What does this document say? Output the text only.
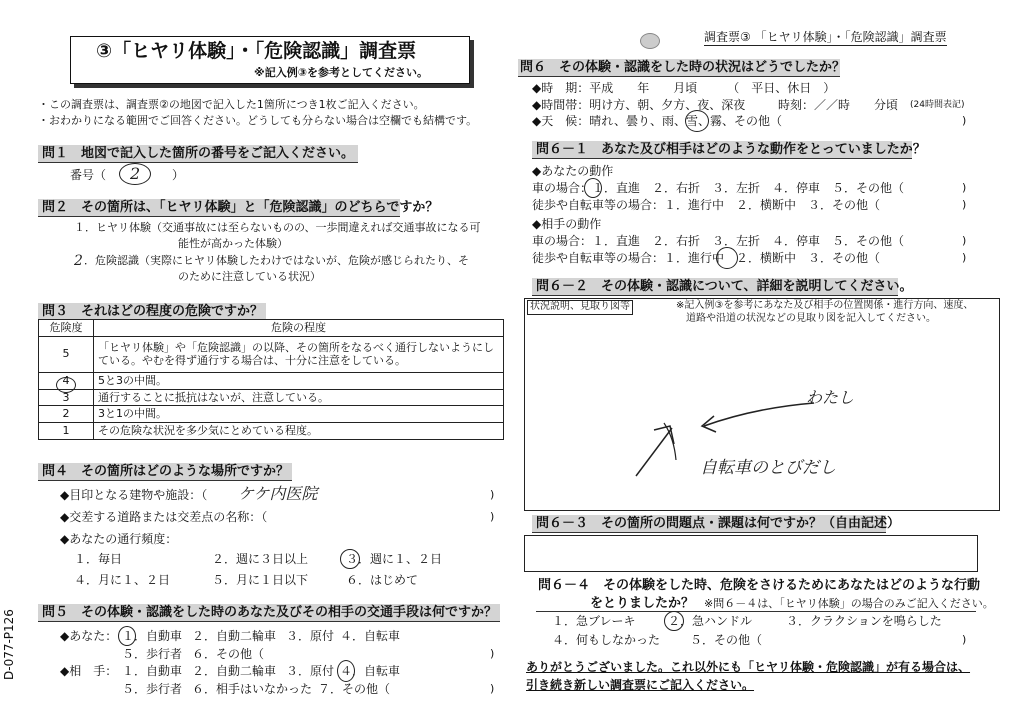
③「ヒヤリ体験」・「危険認識」調査票
※記入例③を参考としてください。
調査票③ 「ヒヤリ体験」・「危険認識」調査票
D-077-P126
・この調査票は、調査票②の地図で記入した1箇所につき1枚ご記入ください。
・おわかりになる範囲でご回答ください。どうしても分らない場合は空欄でも結構です。
問１　地図で記入した箇所の番号をご記入ください。
番号（ 2	）
問２　その箇所は、「ヒヤリ体験」と「危険認識」のどちらですか？
１．ヒヤリ体験（交通事故には至らないものの、一歩間違えれば交通事故になる可
能性が高かった体験）
2 ．危険認識（実際にヒヤリ体験したわけではないが、危険が感じられたり、そ
のために注意している状況）
問３　それはどの程度の危険ですか？
危険度	危険の程度
5	「ヒヤリ体験」や「危険認識」の以降、その箇所をなるべく通行しないようにしている。やむを得ず通行する場合は、十分に注意をしている。
4	5と3の中間。
3	通行することに抵抗はないが、注意している。
2	3と1の中間。
1	その危険な状況を多少気にとめている程度。
問４　その箇所はどのような場所ですか？
◆目印となる建物や施設：（ ケケ内医院	)
◆交差する道路または交差点の名称：（	)
◆あなたの通行頻度：
１．毎日	２．週に３日以上	３．週に１、２日
４．月に１、２日	５．月に１日以下	６．はじめて
問５　その体験・認識をした時のあなた及びその相手の交通手段は何ですか？
◆あなた： １．自動車 ２．自動二輪車 ３．原付 ４．自転車
５．歩行者 ６．その他（	)
◆相　手： １．自動車 ２．自動二輪車 ３．原付 ４．自転車
５．歩行者 ６．相手はいなかった ７．その他（	)
問６　その体験・認識をした時の状況はどうでしたか？
◆時　期：平成　　年　　月頃　　　（　平日、休日　）
◆時間帯：明け方、朝、夕方、夜、深夜	時刻：／／時　　分頃 (24時間表記)
◆天　候：晴れ、曇り、雨、雪、霧、その他（	)
問６－１　あなた及び相手はどのような動作をとっていましたか？
◆あなたの動作
車の場合：１．直進　２．右折　３．左折　４．停車　５．その他（	)
徒歩や自転車等の場合：１．進行中　２．横断中　３．その他（	)
◆相手の動作
車の場合：１．直進　２．右折　３．左折　４．停車　５．その他（	)
徒歩や自転車等の場合：１．進行中　２．横断中　３．その他（	)
問６－２　その体験・認識について、詳細を説明してください。
状況説明、見取り図等	※記入例③を参考にあなた及び相手の位置関係・進行方向、速度、
道路や沿道の状況などの見取り図を記入してください。
わたし
自転車のとびだし
問６－３　その箇所の問題点・課題は何ですか？（自由記述）
問６－４　その体験をした時、危険をさけるためにあなたはどのような行動
をとりましたか？ ※問６－４は、「ヒヤリ体験」の場合のみご記入ください。
１．急ブレーキ	２．急ハンドル	３．クラクションを鳴らした
４．何もしなかった ５．その他（	)
ありがとうございました。これ以外にも「ヒヤリ体験・危険認識」が有る場合は、
引き続き新しい調査票にご記入ください。
